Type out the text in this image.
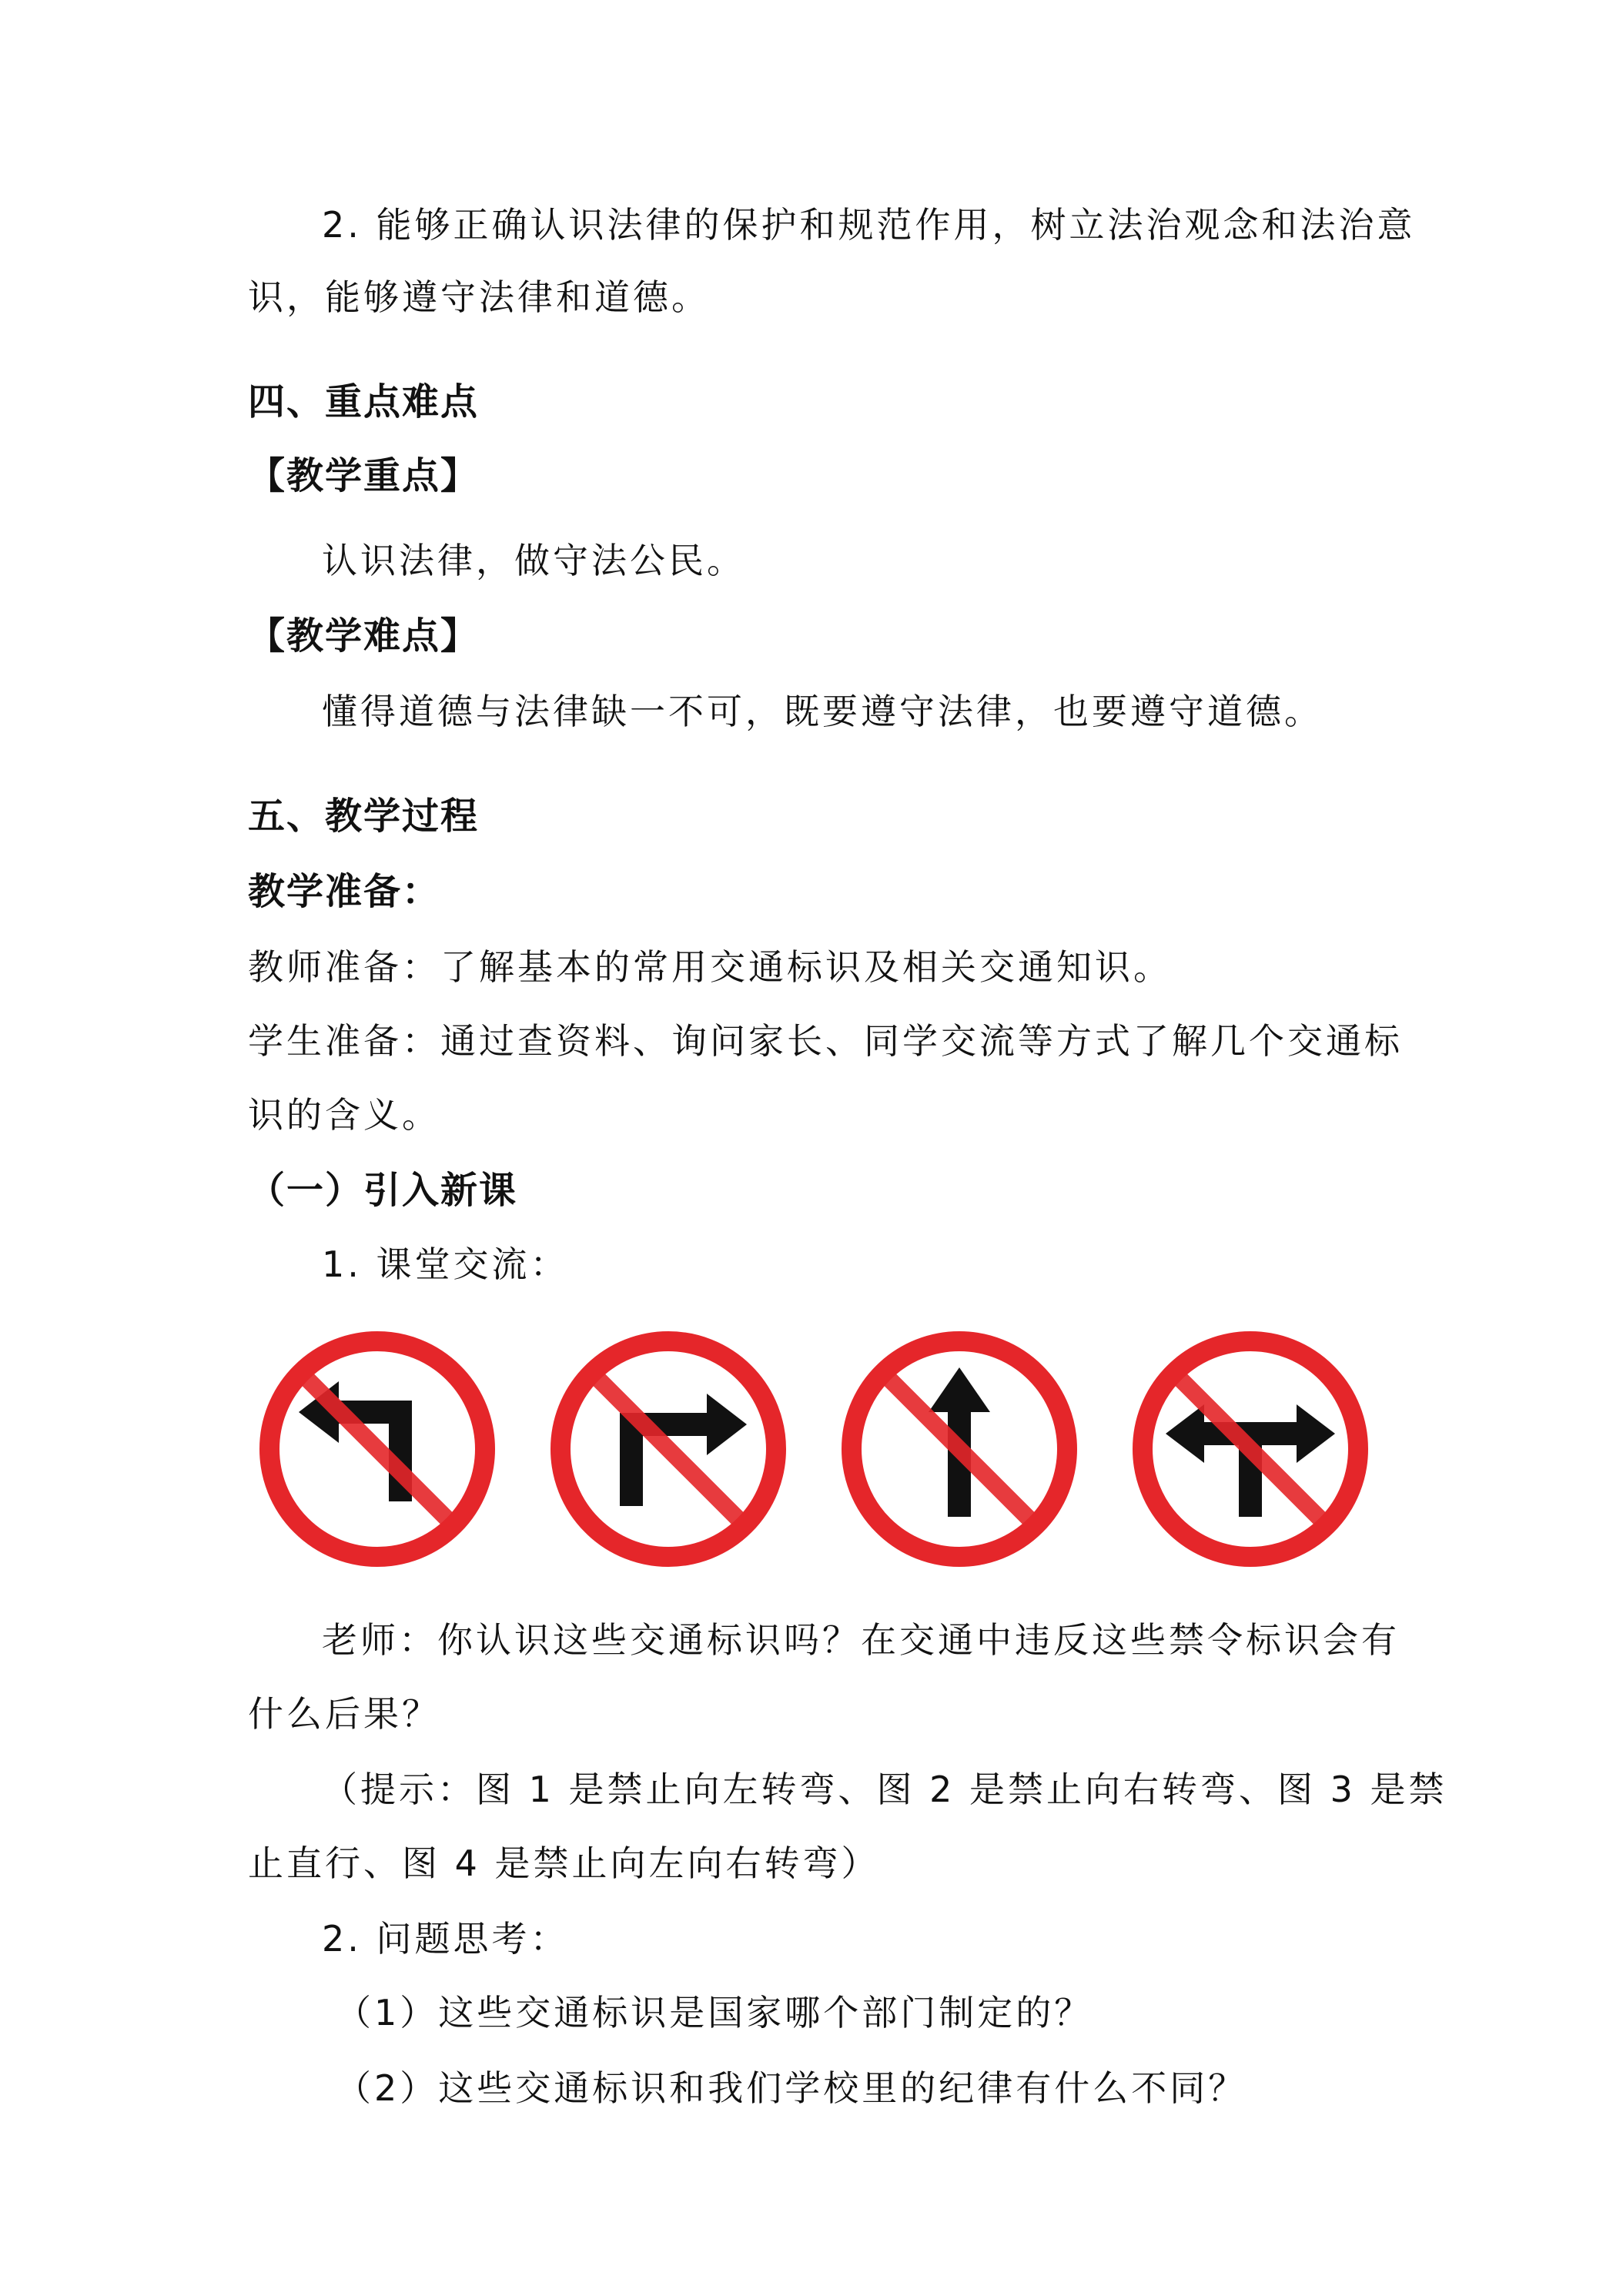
2. 能够正确认识法律的保护和规范作用，树立法治观念和法治意
识，能够遵守法律和道德。
四、重点难点
【教学重点】
认识法律，做守法公民。
【教学难点】
懂得道德与法律缺一不可，既要遵守法律，也要遵守道德。
五、教学过程
教学准备：
教师准备：了解基本的常用交通标识及相关交通知识。
学生准备：通过查资料、询问家长、同学交流等方式了解几个交通标
识的含义。
（一）引入新课
1. 课堂交流：
老师：你认识这些交通标识吗？在交通中违反这些禁令标识会有
什么后果？
（提示：图 1 是禁止向左转弯、图 2 是禁止向右转弯、图 3 是禁
止直行、图 4 是禁止向左向右转弯）
2. 问题思考：
（1）这些交通标识是国家哪个部门制定的？
（2）这些交通标识和我们学校里的纪律有什么不同？
